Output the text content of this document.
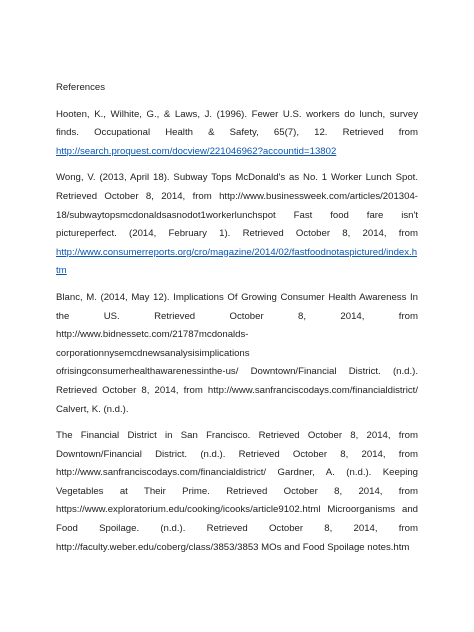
References

Hooten, K., Wilhite, G., & Laws, J. (1996). Fewer U.S. workers do lunch, survey finds. Occupational Health & Safety, 65(7), 12. Retrieved from http://search.proquest.com/docview/221046962?accountid=13802

Wong, V. (2013, April 18). Subway Tops McDonald's as No. 1 Worker Lunch Spot. Retrieved October 8, 2014, from http://www.businessweek.com/articles/201304-18/subwaytopsmcdonaldsasnodot1workerlunchspot Fast food fare isn't pictureperfect. (2014, February 1). Retrieved October 8, 2014, from http://www.consumerreports.org/cro/magazine/2014/02/fastfoodnotaspictured/index.htm

Blanc, M. (2014, May 12). Implications Of Growing Consumer Health Awareness In the US. Retrieved October 8, 2014, from http://www.bidnessetc.com/21787mcdonalds-corporationnysemcdnewsanalysisimplications ofrisingconsumerhealthawarenessinthe-us/ Downtown/Financial District. (n.d.). Retrieved October 8, 2014, from http://www.sanfranciscodays.com/financialdistrict/ Calvert, K. (n.d.).

The Financial District in San Francisco. Retrieved October 8, 2014, from Downtown/Financial District. (n.d.). Retrieved October 8, 2014, from http://www.sanfranciscodays.com/financialdistrict/ Gardner, A. (n.d.). Keeping Vegetables at Their Prime. Retrieved October 8, 2014, from https://www.exploratorium.edu/cooking/icooks/article9102.html Microorganisms and Food Spoilage. (n.d.). Retrieved October 8, 2014, from http://faculty.weber.edu/coberg/class/3853/3853 MOs and Food Spoilage notes.htm
